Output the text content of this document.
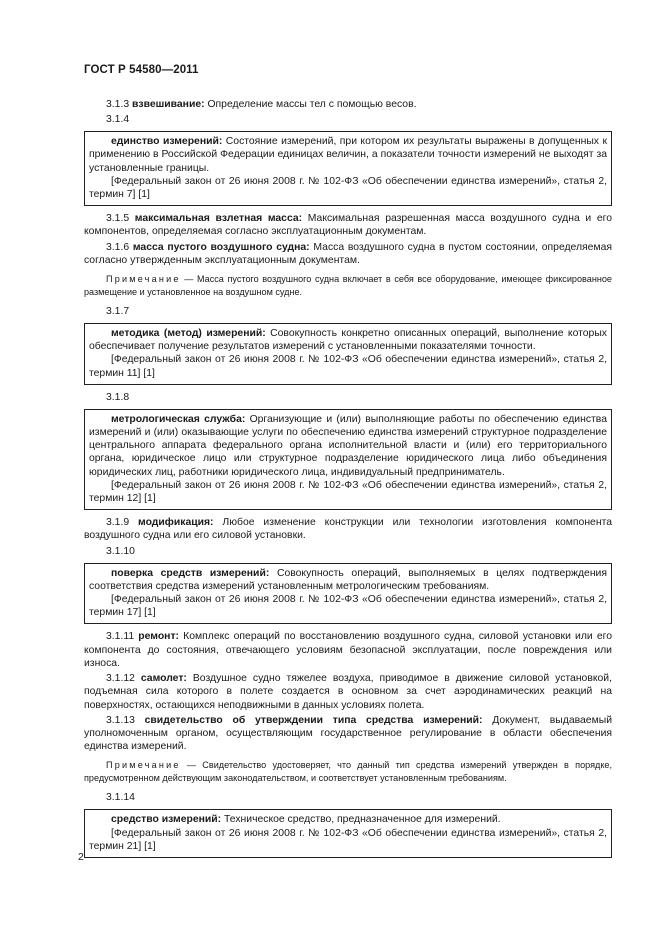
ГОСТ Р 54580—2011

3.1.3 взвешивание: Определение массы тел с помощью весов.

3.1.4

единство измерений: Состояние измерений, при котором их результаты выражены в допущенных к применению в Российской Федерации единицах величин, а показатели точности измерений не выходят за установленные границы.

[Федеральный закон от 26 июня 2008 г. № 102-ФЗ «Об обеспечении единства измерений», статья 2, термин 7] [1]

3.1.5 максимальная взлетная масса: Максимальная разрешенная масса воздушного судна и его компонентов, определяемая согласно эксплуатационным документам.

3.1.6 масса пустого воздушного судна: Масса воздушного судна в пустом состоянии, определяемая согласно утвержденным эксплуатационным документам.

Примечание — Масса пустого воздушного судна включает в себя все оборудование, имеющее фиксированное размещение и установленное на воздушном судне.

3.1.7

методика (метод) измерений: Совокупность конкретно описанных операций, выполнение которых обеспечивает получение результатов измерений с установленными показателями точности.

[Федеральный закон от 26 июня 2008 г. № 102-ФЗ «Об обеспечении единства измерений», статья 2, термин 11] [1]

3.1.8

метрологическая служба: Организующие и (или) выполняющие работы по обеспечению единства измерений и (или) оказывающие услуги по обеспечению единства измерений структурное подразделение центрального аппарата федерального органа исполнительной власти и (или) его территориального органа, юридическое лицо или структурное подразделение юридического лица либо объединения юридических лиц, работники юридического лица, индивидуальный предприниматель.

[Федеральный закон от 26 июня 2008 г. № 102-ФЗ «Об обеспечении единства измерений», статья 2, термин 12] [1]

3.1.9 модификация: Любое изменение конструкции или технологии изготовления компонента воздушного судна или его силовой установки.

3.1.10

поверка средств измерений: Совокупность операций, выполняемых в целях подтверждения соответствия средства измерений установленным метрологическим требованиям.

[Федеральный закон от 26 июня 2008 г. № 102-ФЗ «Об обеспечении единства измерений», статья 2, термин 17] [1]

3.1.11 ремонт: Комплекс операций по восстановлению воздушного судна, силовой установки или его компонента до состояния, отвечающего условиям безопасной эксплуатации, после повреждения или износа.

3.1.12 самолет: Воздушное судно тяжелее воздуха, приводимое в движение силовой установкой, подъемная сила которого в полете создается в основном за счет аэродинамических реакций на поверхностях, остающихся неподвижными в данных условиях полета.

3.1.13 свидетельство об утверждении типа средства измерений: Документ, выдаваемый уполномоченным органом, осуществляющим государственное регулирование в области обеспечения единства измерений.

Примечание — Свидетельство удостоверяет, что данный тип средства измерений утвержден в порядке, предусмотренном действующим законодательством, и соответствует установленным требованиям.

3.1.14

средство измерений: Техническое средство, предназначенное для измерений.

[Федеральный закон от 26 июня 2008 г. № 102-ФЗ «Об обеспечении единства измерений», статья 2, термин 21] [1]

2
